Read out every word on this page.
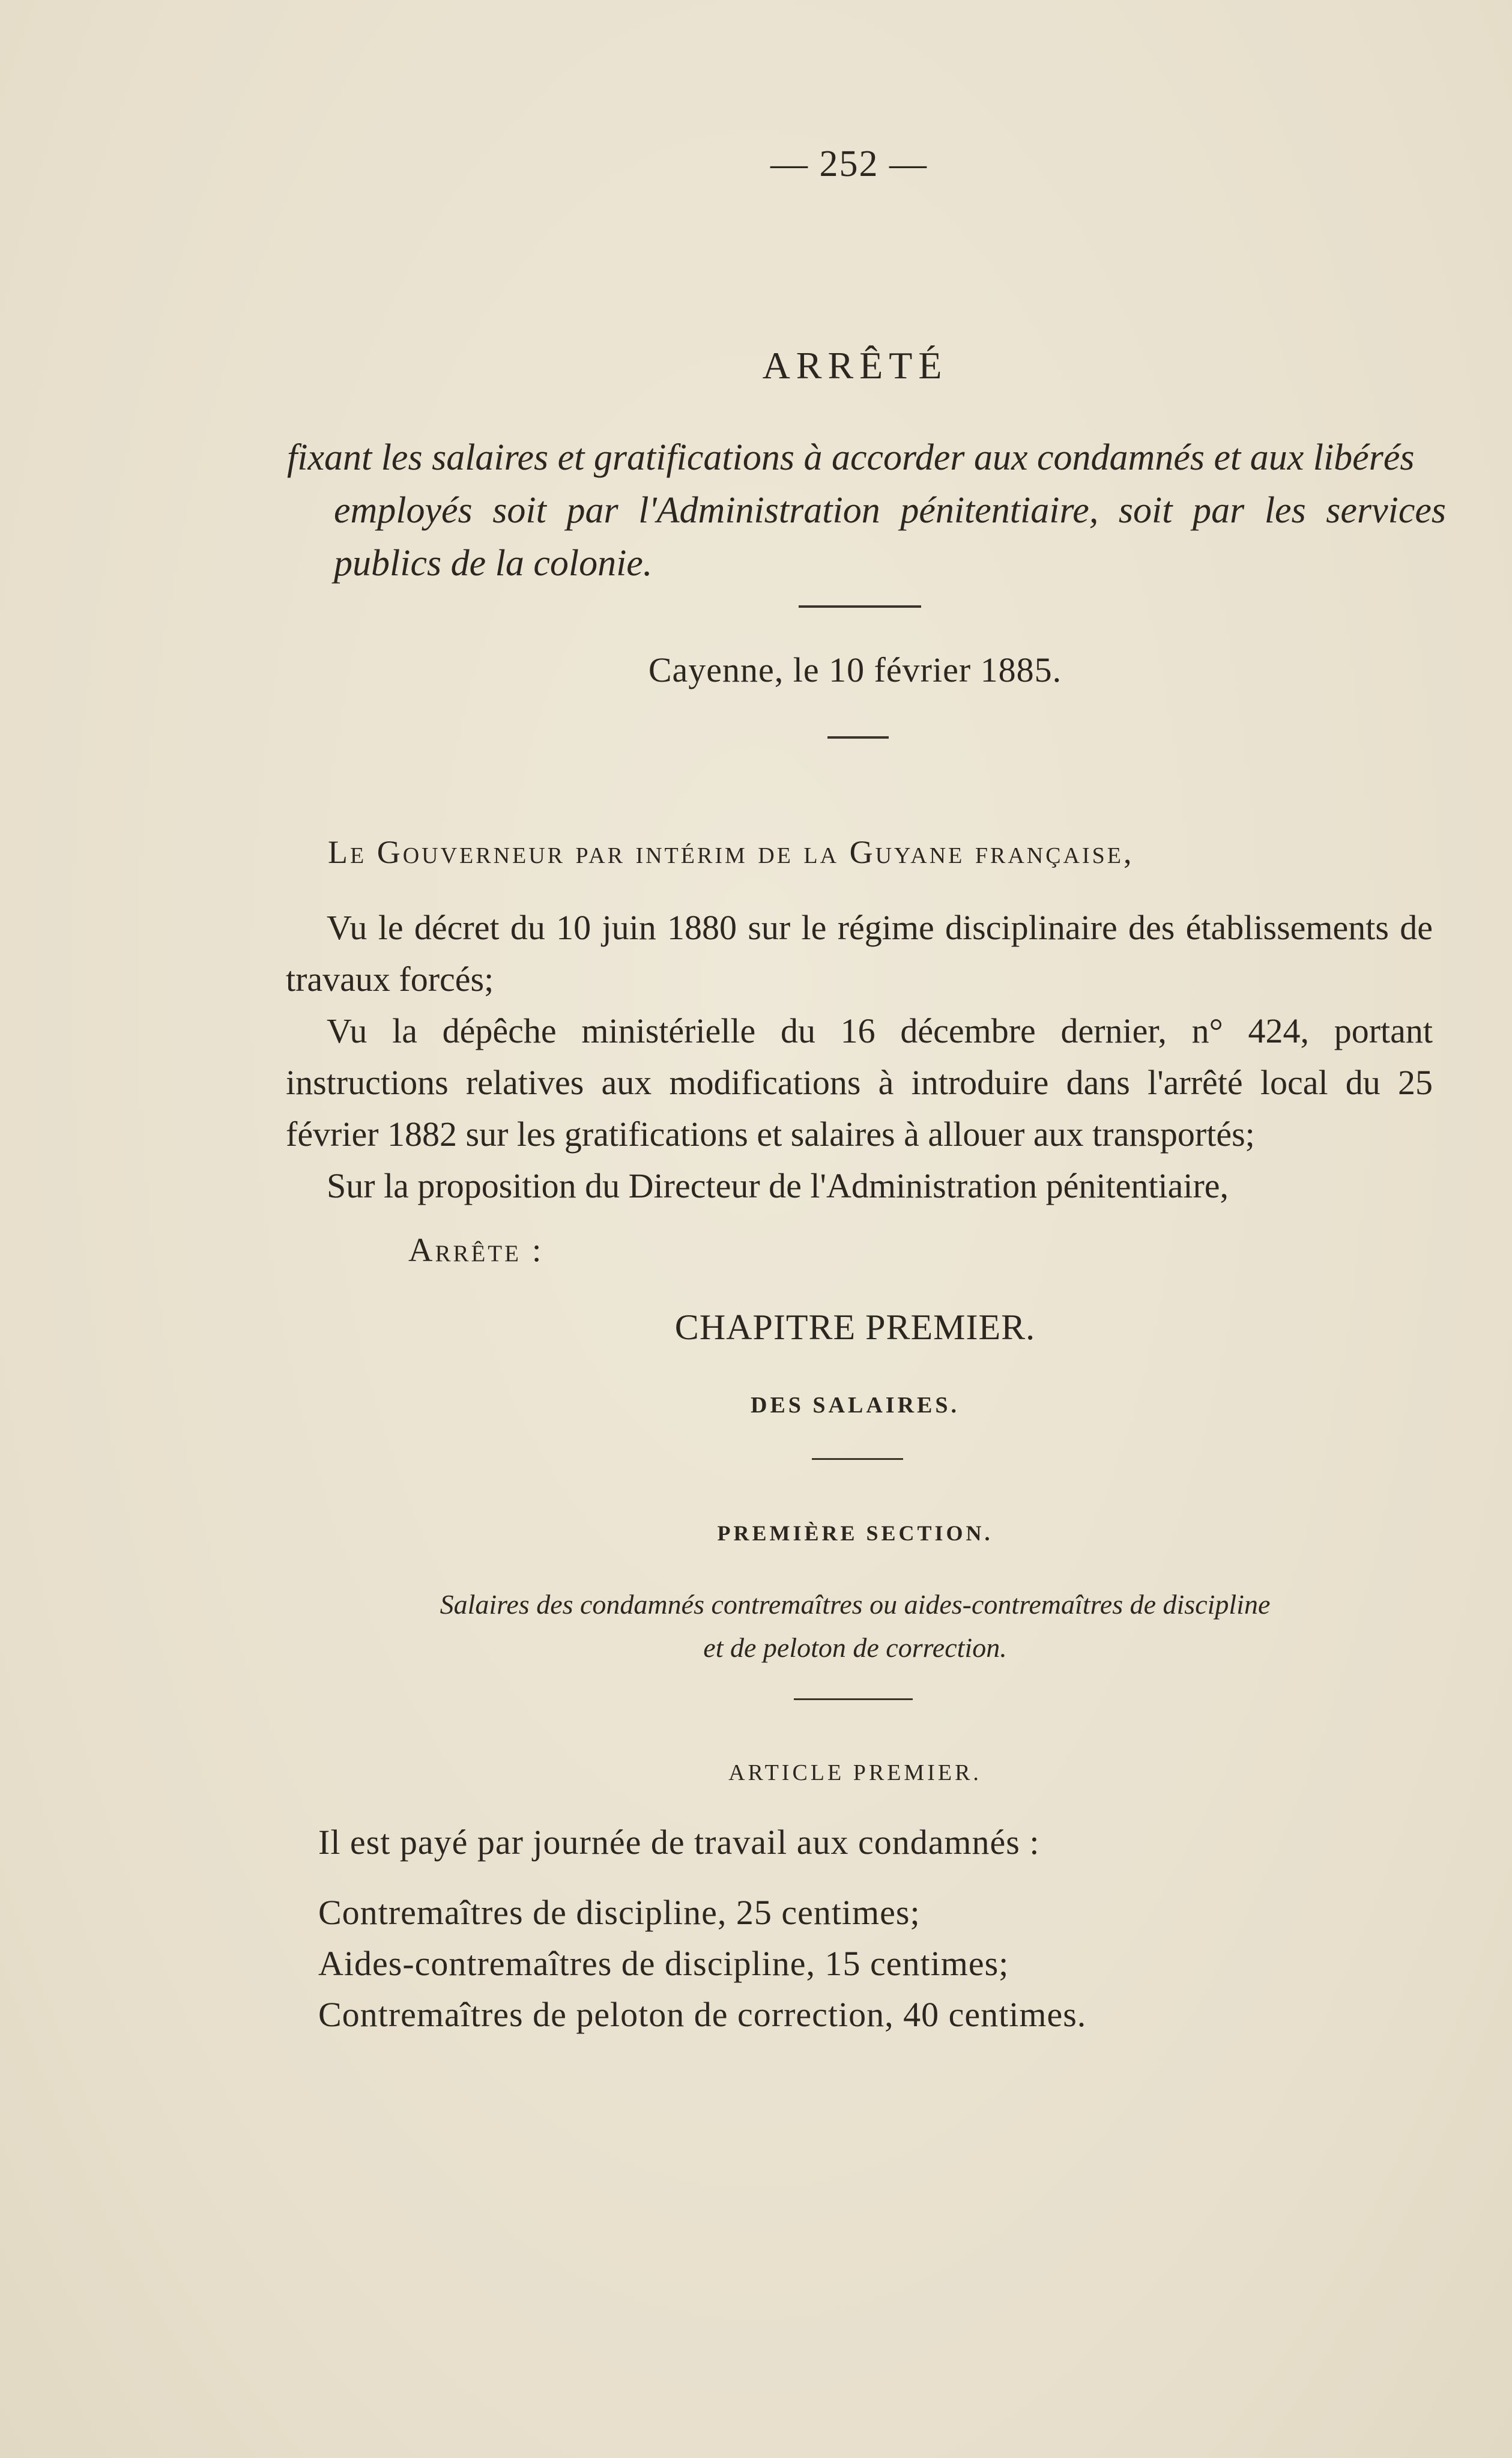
— 252 —
ARRÊTÉ
fixant les salaires et gratifications à accorder aux condamnés et aux libérés
employés soit par l'Administration pénitentiaire, soit par les services
publics de la colonie.
Cayenne, le 10 février 1885.
Le Gouverneur par intérim de la Guyane française,

Vu le décret du 10 juin 1880 sur le régime disciplinaire des établissements de travaux forcés;

Vu la dépêche ministérielle du 16 décembre dernier, n° 424, portant instructions relatives aux modifications à introduire dans l'arrêté local du 25 février 1882 sur les gratifications et salaires à allouer aux transportés;

Sur la proposition du Directeur de l'Administration pénitentiaire,

Arrête :
CHAPITRE PREMIER.
DES SALAIRES.
PREMIÈRE SECTION.
Salaires des condamnés contremaîtres ou aides-contremaîtres de discipline
et de peloton de correction.
ARTICLE PREMIER.
Il est payé par journée de travail aux condamnés :
Contremaîtres de discipline, 25 centimes;
Aides-contremaîtres de discipline, 15 centimes;
Contremaîtres de peloton de correction, 40 centimes.
